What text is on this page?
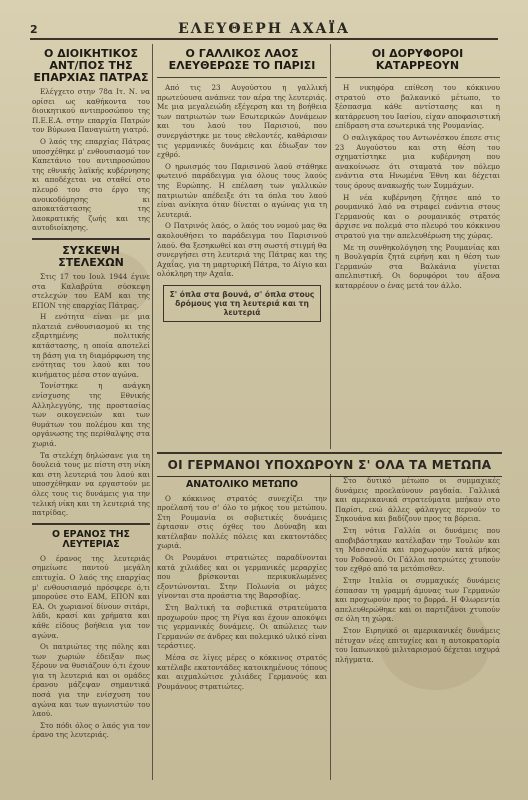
2	ΕΛΕΥΘΕΡΗ ΑΧΑΪΑ
Ο ΔΙΟΙΚΗΤΙΚΟΣ ΑΝΤ/ΠΟΣ ΤΗΣ ΕΠΑΡΧΙΑΣ ΠΑΤΡΑΣ

Ελέγχετο στην 78α Ιτ. Ν. να ορίσει ως καθήκοντα του διοικητικού αντιπροσώπου της Π.Ε.Ε.Α. στην επαρχία Πατρών τον Βύρωνα Παναγιώτη γιατρό.

Ο λαός της επαρχίας Πάτρας υποσχέθηκε μ' ενθουσιασμό τον Καπετάνιο του αντιπροσώπου της εθνικής λαϊκής κυβέρνησης κι αποδέχεται να σταθεί στο πλευρό του στο έργο της ανοικοδόμησης κι αποκατάστασης της λαοκρατικής ζωής και της αυτοδιοίκησης.

ΣΥΣΚΕΨΗ ΣΤΕΛΕΧΩΝ

Στις 17 του Ιουλ 1944 έγινε στα Καλαβρύτα σύσκεψη στελεχών του ΕΑΜ και της ΕΠΟΝ της επαρχίας Πάτρας.

Η ενότητα είναι με μια πλατειά ενθουσιασμού κι της εξαρτημένης πολιτικής κατάστασης, η οποία αποτελεί τη βάση για τη διαμόρφωση της ενότητας του λαού και του κινήματος μέσα στον αγώνα.

Τονίστηκε η ανάγκη ενίσχυσης της Εθνικής Αλληλεγγύης, της προστασίας των οικογενειών και των θυμάτων του πολέμου και της οργάνωσης της περίθαλψης στα χωριά.

Τα στελέχη δηλώσανε για τη δουλειά τους με πίστη στη νίκη και στη λευτεριά του λαού και υποσχέθηκαν να εργαστούν με όλες τους τις δυνάμεις για την τελική νίκη και τη λευτεριά της πατρίδας.

Ο ΕΡΑΝΟΣ ΤΗΣ ΛΕΥΤΕΡΙΑΣ

Ο έρανος της λευτεριάς σημείωσε παντού μεγάλη επιτυχία. Ο λαός της επαρχίας μ' ενθουσιασμό πρόσφερε ό,τι μπορούσε στο ΕΑΜ, ΕΠΟΝ και ΕΑ. Οι χωριανοί δίνουν σιτάρι, λάδι, κρασί και χρήματα και κάθε είδους βοήθεια για τον αγώνα.

Οι πατριώτες της πόλης και των χωριών έδειξαν πως ξέρουν να θυσιάζουν ό,τι έχουν για τη λευτεριά και οι ομάδες έρανου μάζεψαν σημαντικά ποσά για την ενίσχυση του αγώνα και των αγωνιστών του λαού.

Στο πόδι όλος ο λαός για τον έρανο της λευτεριάς.

Ο ΓΑΛΛΙΚΟΣ ΛΑΟΣ ΕΛΕΥΘΕΡΩΣΕ ΤΟ ΠΑΡΙΣΙ

Από τις 23 Αυγούστου η γαλλική πρωτεύουσα ανάπνεε τον αέρα της λευτεριάς. Με μια μεγαλειώδη εξέγερση και τη βοήθεια των πατριωτών των Εσωτερικών Δυνάμεων και του λαού του Παρισιού, που συνεργάστηκε με τους εθελοντές, καθάρισαν τις γερμανικές δυνάμεις και έδιωξαν τον εχθρό.

Ο ηρωισμός του Παρισινού λαού στάθηκε φωτεινό παράδειγμα για όλους τους λαούς της Ευρώπης. Η επέλαση των γαλλικών πατριωτών απέδειξε ότι τα όπλα του λαού είναι ανίκητα όταν δίνεται ο αγώνας για τη λευτεριά.

Ο Πατρινός λαός, ο λαός του νομού μας θα ακολουθήσει το παράδειγμα του Παρισινού λαού. Θα ξεσηκωθεί και στη σωστή στιγμή θα συνεργήσει στη λευτεριά της Πάτρας και της Αχαΐας, για τη μαρτυρική Πάτρα, το Αίγιο και ολόκληρη την Αχαΐα.

Σ' όπλα στα βουνά, σ' όπλα στους δρόμους για τη λευτεριά και τη λευτεριά
ΟΙ ΔΟΡΥΦΟΡΟΙ ΚΑΤΑΡΡΕΟΥΝ

Η νικηφόρα επίθεση του κόκκινου στρατού στο βαλκανικό μέτωπο, το ξέσπασμα κάθε αντίστασης και η κατάρρευση του Ιασίου, είχαν αποφασιστική επίδραση στα εσωτερικά της Ρουμανίας.

Ο σαλιγκάρος του Αντωνέσκου έπεσε στις 23 Αυγούστου και στη θέση του σχηματίστηκε μια κυβέρνηση που ανακοίνωσε ότι σταματά τον πόλεμο ενάντια στα Ηνωμένα Έθνη και δέχεται τους όρους ανακωχής των Συμμάχων.

Η νέα κυβέρνηση ζήτησε από το ρουμανικό λαό να στραφεί ενάντια στους Γερμανούς και ο ρουμανικός στρατός άρχισε να πολεμά στο πλευρό του κόκκινου στρατού για την απελευθέρωση της χώρας.

Με τη συνθηκολόγηση της Ρουμανίας και η Βουλγαρία ζητά ειρήνη και η θέση των Γερμανών στα Βαλκάνια γίνεται απελπιστική. Οι δορυφόροι του άξονα καταρρέουν ο ένας μετά τον άλλο.

ΟΙ ΓΕΡΜΑΝΟΙ ΥΠΟΧΩΡΟΥΝ Σ' ΟΛΑ ΤΑ ΜΕΤΩΠΑ
ΑΝΑΤΟΛΙΚΟ ΜΕΤΩΠΟ

Ο κόκκινος στρατός συνεχίζει την προέλασή του σ' όλο το μήκος του μετώπου. Στη Ρουμανία οι σοβιετικές δυνάμεις έφτασαν στις όχθες του Δούναβη και κατέλαβαν πολλές πόλεις και εκατοντάδες χωριά.

Οι Ρουμάνοι στρατιώτες παραδίνονται κατά χιλιάδες και οι γερμανικές μεραρχίες που βρίσκονται περικυκλωμένες εξοντώνονται. Στην Πολωνία οι μάχες γίνονται στα προάστια της Βαρσοβίας.

Στη Βαλτική τα σοβιετικά στρατεύματα προχωρούν προς τη Ρίγα και έχουν αποκόψει τις γερμανικές δυνάμεις. Οι απώλειες των Γερμανών σε άνδρες και πολεμικό υλικό είναι τεράστιες.

Μέσα σε λίγες μέρες ο κόκκινος στρατός κατέλαβε εκατοντάδες κατοικημένους τόπους και αιχμαλώτισε χιλιάδες Γερμανούς και Ρουμάνους στρατιώτες.

Στο δυτικό μέτωπο οι συμμαχικές δυνάμεις προελαύνουν ραγδαία. Γαλλικά και αμερικανικά στρατεύματα μπήκαν στο Παρίσι, ενώ άλλες φάλαγγες περνούν το Σηκουάνα και βαδίζουν προς τα βόρεια.

Στη νότια Γαλλία οι δυνάμεις που αποβιβάστηκαν κατέλαβαν την Τουλών και τη Μασσαλία και προχωρούν κατά μήκος του Ροδανού. Οι Γάλλοι πατριώτες χτυπούν τον εχθρό από τα μετόπισθεν.

Στην Ιταλία οι συμμαχικές δυνάμεις έσπασαν τη γραμμή άμυνας των Γερμανών και προχωρούν προς το βορρά. Η Φλωρεντία απελευθερώθηκε και οι παρτιζάνοι χτυπούν σε όλη τη χώρα.

Στον Ειρηνικό οι αμερικανικές δυνάμεις πέτυχαν νέες επιτυχίες και η αυτοκρατορία του Ιαπωνικού μιλιταρισμού δέχεται ισχυρά πλήγματα.
